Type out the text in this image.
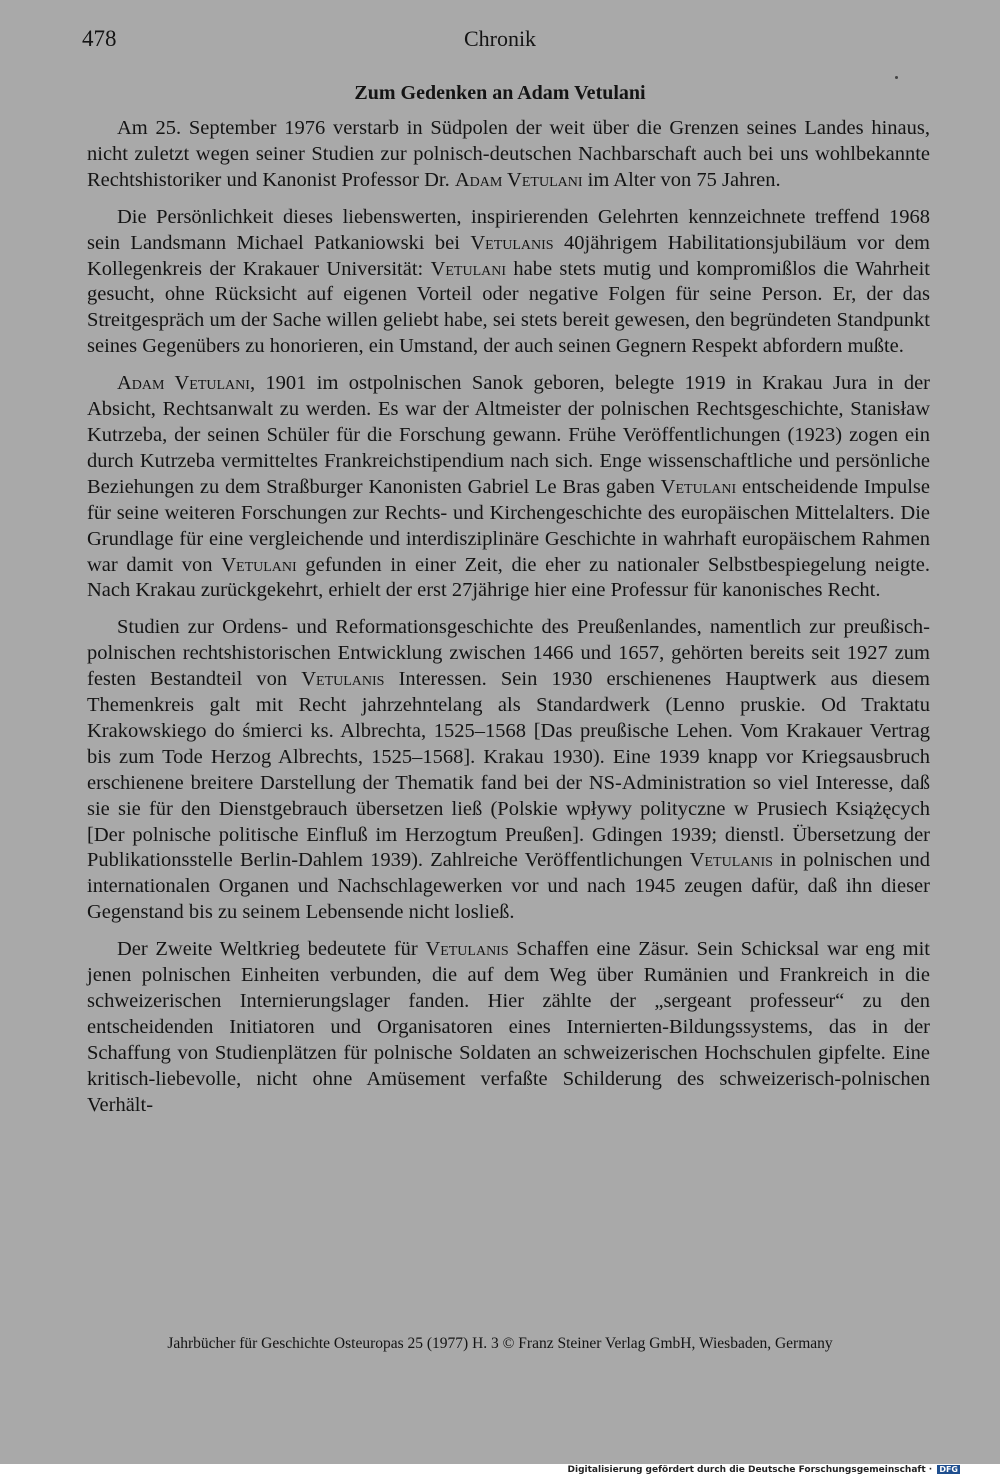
478	Chronik

Zum Gedenken an Adam Vetulani

Am 25. September 1976 verstarb in Südpolen der weit über die Grenzen seines Landes hinaus, nicht zuletzt wegen seiner Studien zur polnisch-deutschen Nachbarschaft auch bei uns wohlbekannte Rechtshistoriker und Kanonist Professor Dr. Adam Vetulani im Alter von 75 Jahren.

Die Persönlichkeit dieses liebenswerten, inspirierenden Gelehrten kennzeichnete treffend 1968 sein Landsmann Michael Patkaniowski bei Vetulanis 40jährigem Habilitationsjubiläum vor dem Kollegenkreis der Krakauer Universität: Vetulani habe stets mutig und kompromißlos die Wahrheit gesucht, ohne Rücksicht auf eigenen Vorteil oder negative Folgen für seine Person. Er, der das Streitgespräch um der Sache willen geliebt habe, sei stets bereit gewesen, den begründeten Standpunkt seines Gegenübers zu honorieren, ein Umstand, der auch seinen Gegnern Respekt abfordern mußte.

Adam Vetulani, 1901 im ostpolnischen Sanok geboren, belegte 1919 in Krakau Jura in der Absicht, Rechtsanwalt zu werden. Es war der Altmeister der polnischen Rechtsgeschichte, Stanisław Kutrzeba, der seinen Schüler für die Forschung gewann. Frühe Veröffentlichungen (1923) zogen ein durch Kutrzeba vermitteltes Frankreichstipendium nach sich. Enge wissenschaftliche und persönliche Beziehungen zu dem Straßburger Kanonisten Gabriel Le Bras gaben Vetulani entscheidende Impulse für seine weiteren Forschungen zur Rechts- und Kirchengeschichte des europäischen Mittelalters. Die Grundlage für eine vergleichende und interdisziplinäre Geschichte in wahrhaft europäischem Rahmen war damit von Vetulani gefunden in einer Zeit, die eher zu nationaler Selbstbespiegelung neigte. Nach Krakau zurückgekehrt, erhielt der erst 27jährige hier eine Professur für kanonisches Recht.

Studien zur Ordens- und Reformationsgeschichte des Preußenlandes, namentlich zur preußisch-polnischen rechtshistorischen Entwicklung zwischen 1466 und 1657, gehörten bereits seit 1927 zum festen Bestandteil von Vetulanis Interessen. Sein 1930 erschienenes Hauptwerk aus diesem Themenkreis galt mit Recht jahrzehntelang als Standardwerk (Lenno pruskie. Od Traktatu Krakowskiego do śmierci ks. Albrechta, 1525–1568 [Das preußische Lehen. Vom Krakauer Vertrag bis zum Tode Herzog Albrechts, 1525–1568]. Krakau 1930). Eine 1939 knapp vor Kriegsausbruch erschienene breitere Darstellung der Thematik fand bei der NS-Administration so viel Interesse, daß sie sie für den Dienstgebrauch übersetzen ließ (Polskie wpływy polityczne w Prusiech Książęcych [Der polnische politische Einfluß im Herzogtum Preußen]. Gdingen 1939; dienstl. Übersetzung der Publikationsstelle Berlin-Dahlem 1939). Zahlreiche Veröffentlichungen Vetulanis in polnischen und internationalen Organen und Nachschlagewerken vor und nach 1945 zeugen dafür, daß ihn dieser Gegenstand bis zu seinem Lebensende nicht losließ.

Der Zweite Weltkrieg bedeutete für Vetulanis Schaffen eine Zäsur. Sein Schicksal war eng mit jenen polnischen Einheiten verbunden, die auf dem Weg über Rumänien und Frankreich in die schweizerischen Internierungslager fanden. Hier zählte der „sergeant professeur“ zu den entscheidenden Initiatoren und Organisatoren eines Internierten-Bildungssystems, das in der Schaffung von Studienplätzen für polnische Soldaten an schweizerischen Hochschulen gipfelte. Eine kritisch-liebevolle, nicht ohne Amüsement verfaßte Schilderung des schweizerisch-polnischen Verhält-

Jahrbücher für Geschichte Osteuropas 25 (1977) H. 3 © Franz Steiner Verlag GmbH, Wiesbaden, Germany

Digitalisierung gefördert durch die Deutsche Forschungsgemeinschaft · DFG
